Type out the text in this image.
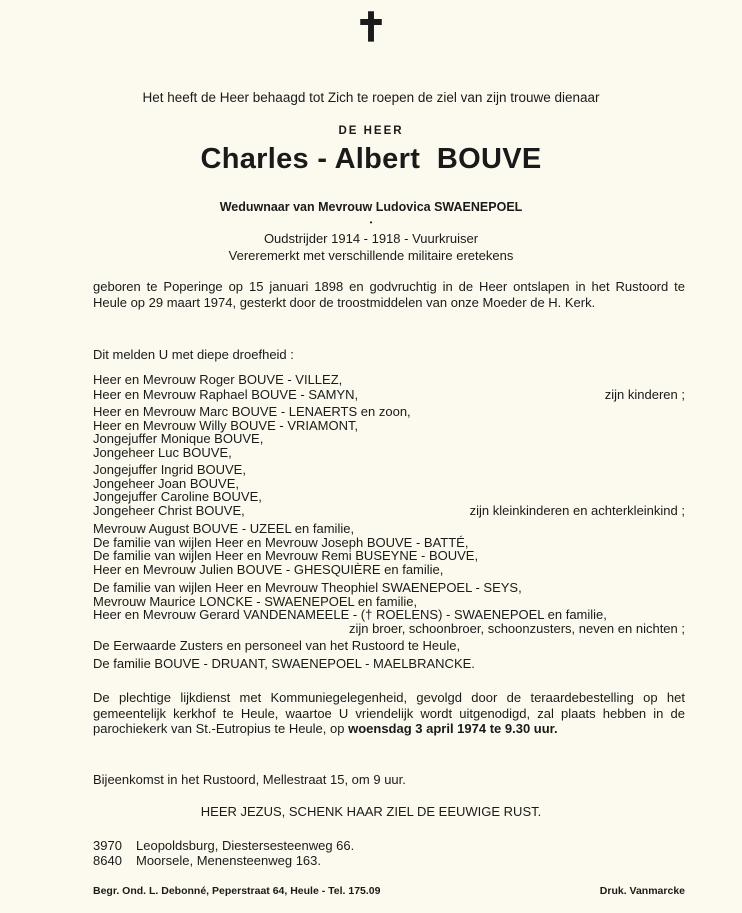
✝
Het heeft de Heer behaagd tot Zich te roepen de ziel van zijn trouwe dienaar
DE HEER
Charles - Albert  BOUVE
Weduwnaar van Mevrouw Ludovica SWAENEPOEL
•
Oudstrijder 1914 - 1918 - Vuurkruiser
Vereremerkt met verschillende militaire eretekens
geboren te Poperinge op 15 januari 1898 en godvruchtig in de Heer ontslapen in het Rustoord te Heule op 29 maart 1974, gesterkt door de troostmiddelen van onze Moeder de H. Kerk.
Dit melden U met diepe droefheid :
Heer en Mevrouw Roger BOUVE - VILLEZ,
Heer en Mevrouw Raphael BOUVE - SAMYN,	zijn kinderen ;
Heer en Mevrouw Marc BOUVE - LENAERTS en zoon,
Heer en Mevrouw Willy BOUVE - VRIAMONT,
Jongejuffer Monique BOUVE,
Jongeheer Luc BOUVE,
Jongejuffer Ingrid BOUVE,
Jongeheer Joan BOUVE,
Jongejuffer Caroline BOUVE,
Jongeheer Christ BOUVE,	zijn kleinkinderen en achterkleinkind ;
Mevrouw August BOUVE - UZEEL en familie,
De familie van wijlen Heer en Mevrouw Joseph BOUVE - BATTÉ,
De familie van wijlen Heer en Mevrouw Remi BUSEYNE - BOUVE,
Heer en Mevrouw Julien BOUVE - GHESQUIÈRE en familie,
De familie van wijlen Heer en Mevrouw Theophiel SWAENEPOEL - SEYS,
Mevrouw Maurice LONCKE - SWAENEPOEL en familie,
Heer en Mevrouw Gerard VANDENAMEELE - († ROELENS) - SWAENEPOEL en familie,
zijn broer, schoonbroer, schoonzusters, neven en nichten ;
De Eerwaarde Zusters en personeel van het Rustoord te Heule,
De familie BOUVE - DRUANT, SWAENEPOEL - MAELBRANCKE.
De plechtige lijkdienst met Kommuniegelegenheid, gevolgd door de teraardebestelling op het gemeentelijk kerkhof te Heule, waartoe U vriendelijk wordt uitgenodigd, zal plaats hebben in de parochiekerk van St.-Eutropius te Heule, op woensdag 3 april 1974 te 9.30 uur.
Bijeenkomst in het Rustoord, Mellestraat 15, om 9 uur.
HEER JEZUS, SCHENK HAAR ZIEL DE EEUWIGE RUST.
3970 Leopoldsburg, Diestersesteenweg 66.
8640 Moorsele, Menensteenweg 163.
Begr. Ond. L. Debonné, Peperstraat 64, Heule - Tel. 175.09	Druk. Vanmarcke
